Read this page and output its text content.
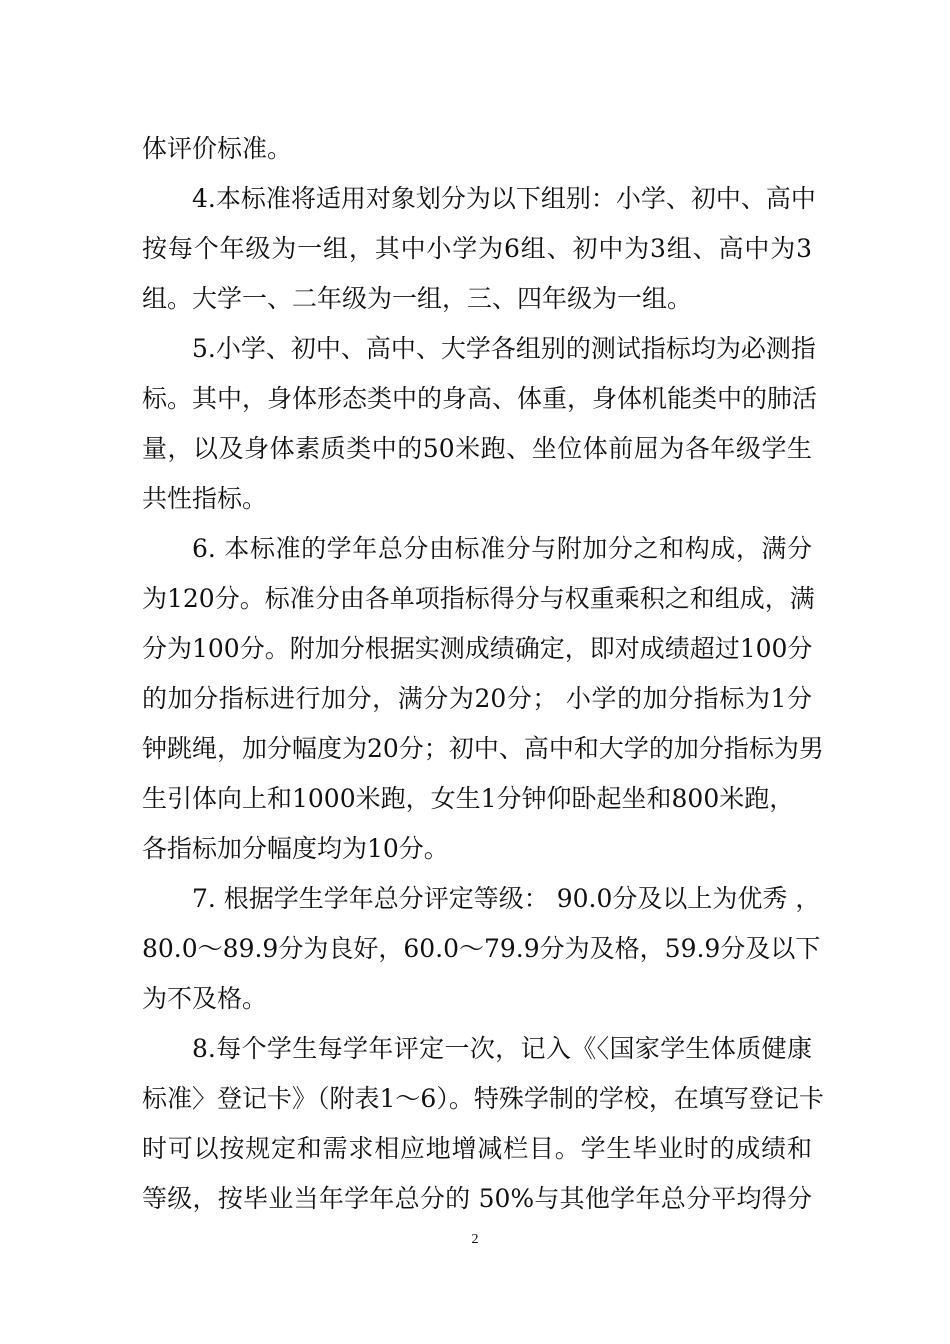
体评价标准。
4.本标准将适用对象划分为以下组别：小学、初中、高中
按每个年级为一组，其中小学为6组、初中为3组、高中为3
组。大学一、二年级为一组，三、四年级为一组。
5.小学、初中、高中、大学各组别的测试指标均为必测指
标。其中，身体形态类中的身高、体重，身体机能类中的肺活
量，以及身体素质类中的50米跑、坐位体前屈为各年级学生
共性指标。
6. 本标准的学年总分由标准分与附加分之和构成，满分
为120分。标准分由各单项指标得分与权重乘积之和组成，满
分为100分。附加分根据实测成绩确定，即对成绩超过100分
的加分指标进行加分，满分为20分； 小学的加分指标为1分
钟跳绳，加分幅度为20分；初中、高中和大学的加分指标为男
生引体向上和1000米跑，女生1分钟仰卧起坐和800米跑，
各指标加分幅度均为10分。
7. 根据学生学年总分评定等级： 90.0分及以上为优秀 ，
80.0～89.9分为良好，60.0～79.9分为及格，59.9分及以下
为不及格。
8.每个学生每学年评定一次，记入《〈国家学生体质健康
标准〉登记卡》（附表1～6）。特殊学制的学校，在填写登记卡
时可以按规定和需求相应地增减栏目。学生毕业时的成绩和
等级，按毕业当年学年总分的 50%与其他学年总分平均得分
2
